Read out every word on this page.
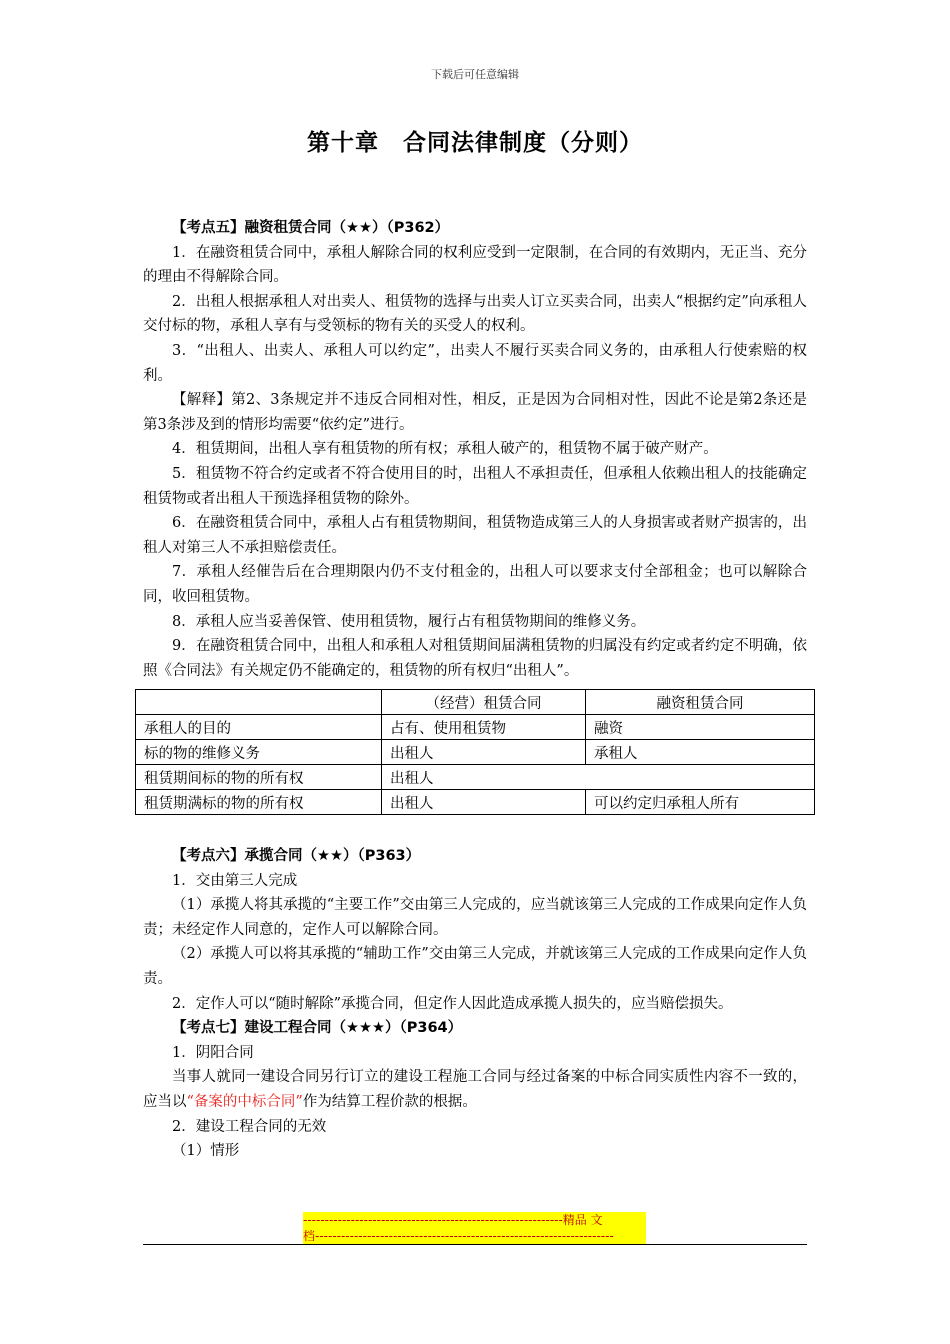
下载后可任意编辑
第十章　合同法律制度（分则）

【考点五】融资租赁合同（★★）（P362）

1．在融资租赁合同中，承租人解除合同的权利应受到一定限制，在合同的有效期内，无正当、充分的理由不得解除合同。

2．出租人根据承租人对出卖人、租赁物的选择与出卖人订立买卖合同，出卖人“根据约定”向承租人交付标的物，承租人享有与受领标的物有关的买受人的权利。

3．“出租人、出卖人、承租人可以约定”，出卖人不履行买卖合同义务的，由承租人行使索赔的权利。

【解释】第2、3条规定并不违反合同相对性，相反，正是因为合同相对性，因此不论是第2条还是第3条涉及到的情形均需要“依约定”进行。

4．租赁期间，出租人享有租赁物的所有权；承租人破产的，租赁物不属于破产财产。

5．租赁物不符合约定或者不符合使用目的时，出租人不承担责任，但承租人依赖出租人的技能确定租赁物或者出租人干预选择租赁物的除外。

6．在融资租赁合同中，承租人占有租赁物期间，租赁物造成第三人的人身损害或者财产损害的，出租人对第三人不承担赔偿责任。

7．承租人经催告后在合理期限内仍不支付租金的，出租人可以要求支付全部租金；也可以解除合同，收回租赁物。

8．承租人应当妥善保管、使用租赁物，履行占有租赁物期间的维修义务。

9．在融资租赁合同中，出租人和承租人对租赁期间届满租赁物的归属没有约定或者约定不明确，依照《合同法》有关规定仍不能确定的，租赁物的所有权归“出租人”。

	（经营）租赁合同	融资租赁合同
承租人的目的	占有、使用租赁物	融资
标的物的维修义务	出租人	承租人
租赁期间标的物的所有权	出租人	
租赁期满标的物的所有权	出租人	可以约定归承租人所有

【考点六】承揽合同（★★）（P363）

1．交由第三人完成

（1）承揽人将其承揽的“主要工作”交由第三人完成的，应当就该第三人完成的工作成果向定作人负责；未经定作人同意的，定作人可以解除合同。

（2）承揽人可以将其承揽的“辅助工作”交由第三人完成，并就该第三人完成的工作成果向定作人负责。

2．定作人可以“随时解除”承揽合同，但定作人因此造成承揽人损失的，应当赔偿损失。

【考点七】建设工程合同（★★★）（P364）

1．阴阳合同

当事人就同一建设合同另行订立的建设工程施工合同与经过备案的中标合同实质性内容不一致的，应当以“备案的中标合同”作为结算工程价款的根据。

2．建设工程合同的无效

（1）情形

------------------------------------------------------------精品 文
档---------------------------------------------------------------------
